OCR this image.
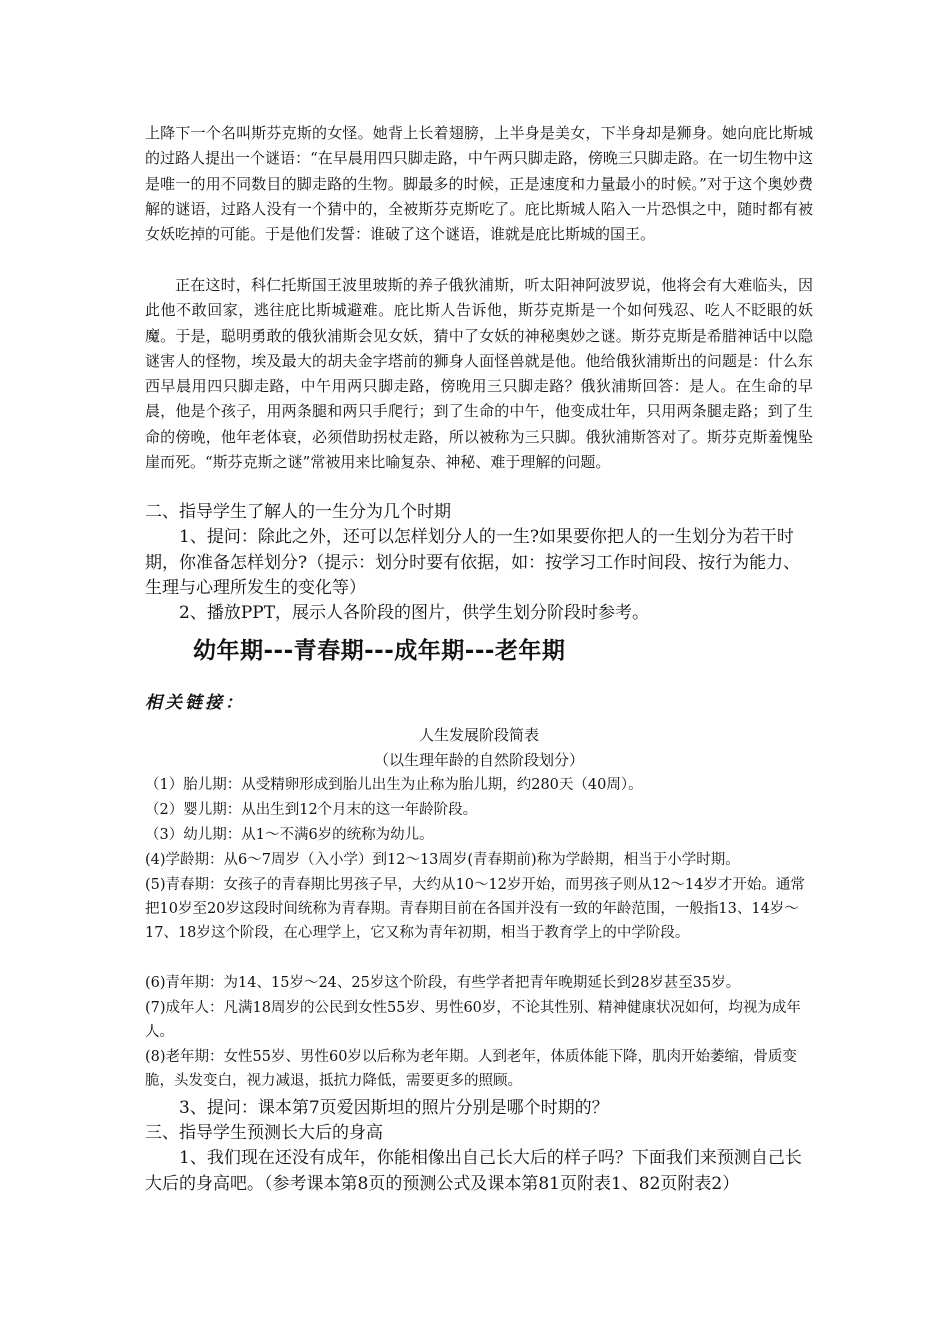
上降下一个名叫斯芬克斯的女怪。她背上长着翅膀，上半身是美女，下半身却是狮身。她向庇比斯城的过路人提出一个谜语：“在早晨用四只脚走路，中午两只脚走路，傍晚三只脚走路。在一切生物中这是唯一的用不同数目的脚走路的生物。脚最多的时候，正是速度和力量最小的时候。”对于这个奥妙费解的谜语，过路人没有一个猜中的，全被斯芬克斯吃了。庇比斯城人陷入一片恐惧之中，随时都有被女妖吃掉的可能。于是他们发誓：谁破了这个谜语，谁就是庇比斯城的国王。

正在这时，科仁托斯国王波里玻斯的养子俄狄浦斯，听太阳神阿波罗说，他将会有大难临头，因此他不敢回家，逃往庇比斯城避难。庇比斯人告诉他，斯芬克斯是一个如何残忍、吃人不眨眼的妖魔。于是，聪明勇敢的俄狄浦斯会见女妖，猜中了女妖的神秘奥妙之谜。斯芬克斯是希腊神话中以隐谜害人的怪物，埃及最大的胡夫金字塔前的狮身人面怪兽就是他。他给俄狄浦斯出的问题是：什么东西早晨用四只脚走路，中午用两只脚走路，傍晚用三只脚走路？俄狄浦斯回答：是人。在生命的早晨，他是个孩子，用两条腿和两只手爬行；到了生命的中午，他变成壮年，只用两条腿走路；到了生命的傍晚，他年老体衰，必须借助拐杖走路，所以被称为三只脚。俄狄浦斯答对了。斯芬克斯羞愧坠崖而死。“斯芬克斯之谜”常被用来比喻复杂、神秘、难于理解的问题。

二、指导学生了解人的一生分为几个时期

1、提问：除此之外，还可以怎样划分人的一生?如果要你把人的一生划分为若干时期，你准备怎样划分?（提示：划分时要有依据，如：按学习工作时间段、按行为能力、生理与心理所发生的变化等）

2、播放PPT，展示人各阶段的图片，供学生划分阶段时参考。

幼年期---青春期---成年期---老年期

相关链接：

人生发展阶段简表

（以生理年龄的自然阶段划分）

（1）胎儿期：从受精卵形成到胎儿出生为止称为胎儿期，约280天（40周）。

（2）婴儿期：从出生到12个月末的这一年龄阶段。

（3）幼儿期：从1～不满6岁的统称为幼儿。

(4)学龄期：从6～7周岁（入小学）到12～13周岁(青春期前)称为学龄期，相当于小学时期。

(5)青春期：女孩子的青春期比男孩子早，大约从10～12岁开始，而男孩子则从12～14岁才开始。通常把10岁至20岁这段时间统称为青春期。青春期目前在各国并没有一致的年龄范围，一般指13、14岁～17、18岁这个阶段，在心理学上，它又称为青年初期，相当于教育学上的中学阶段。

(6)青年期：为14、15岁～24、25岁这个阶段，有些学者把青年晚期延长到28岁甚至35岁。

(7)成年人：凡满18周岁的公民到女性55岁、男性60岁，不论其性别、精神健康状况如何，均视为成年人。

(8)老年期：女性55岁、男性60岁以后称为老年期。人到老年，体质体能下降，肌肉开始萎缩，骨质变脆，头发变白，视力减退，抵抗力降低，需要更多的照顾。

3、提问：课本第7页爱因斯坦的照片分别是哪个时期的？

三、指导学生预测长大后的身高

1、我们现在还没有成年，你能相像出自己长大后的样子吗？下面我们来预测自己长大后的身高吧。（参考课本第8页的预测公式及课本第81页附表1、82页附表2）
